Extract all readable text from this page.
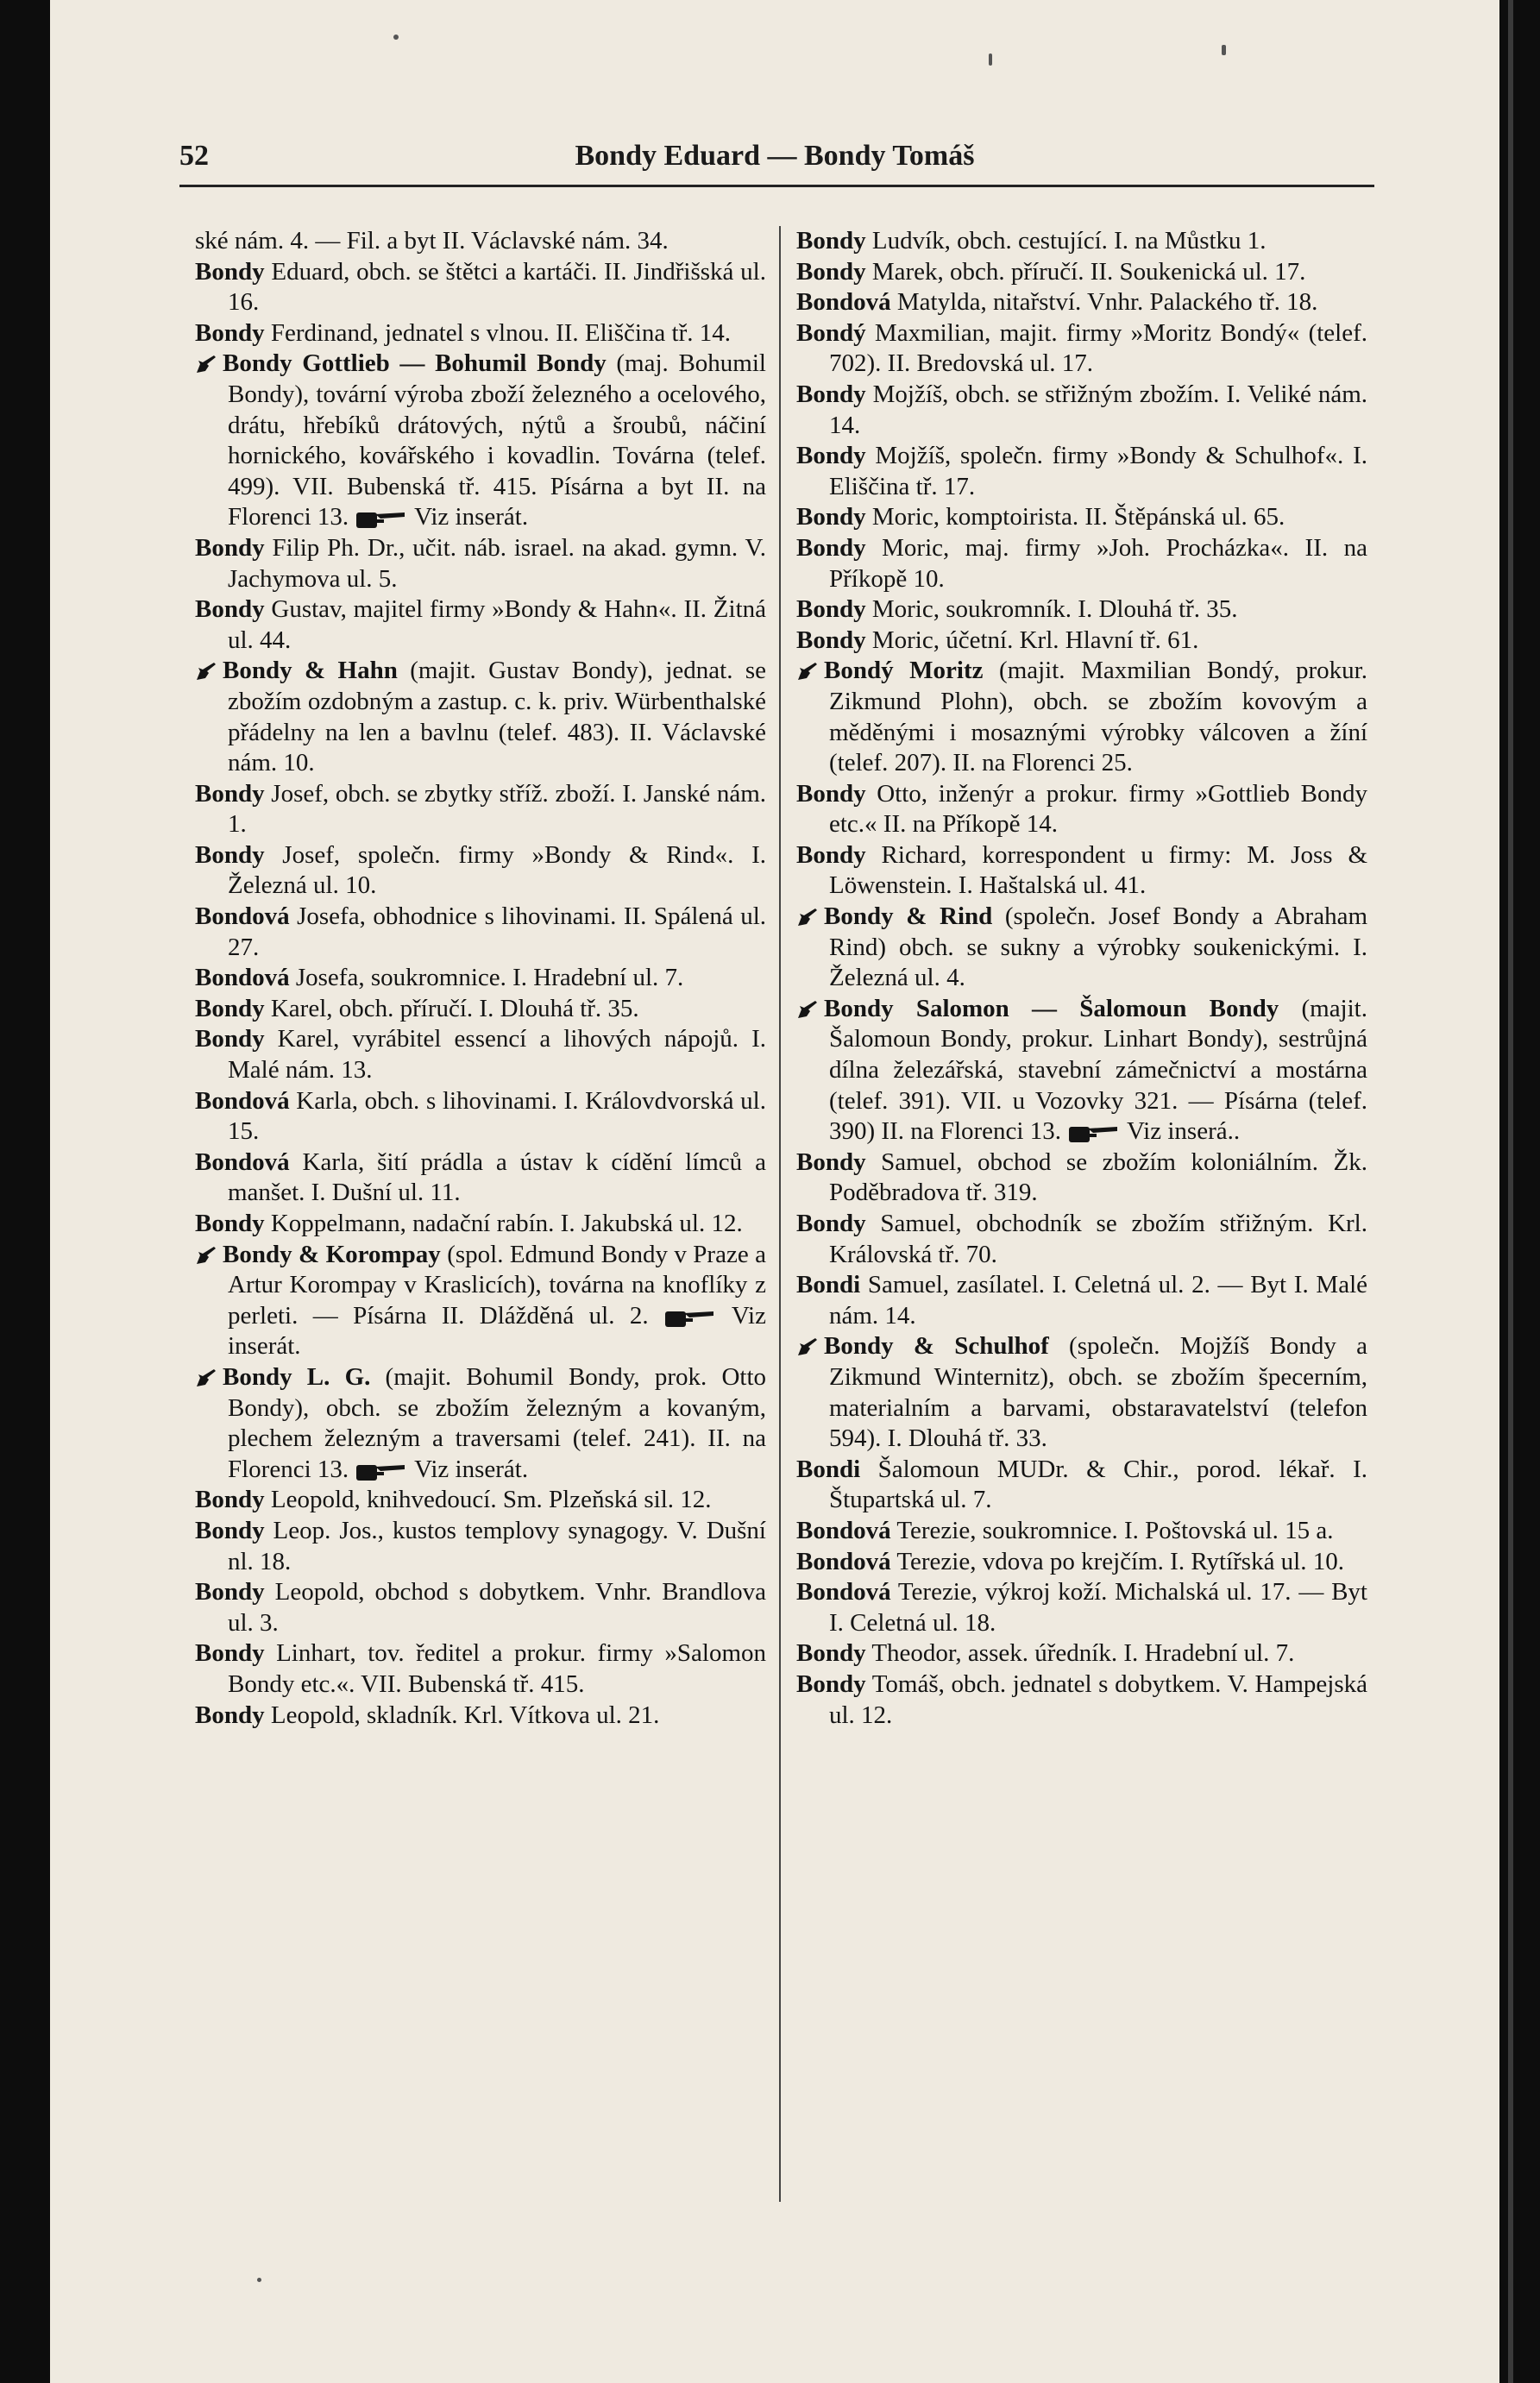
52	Bondy Eduard — Bondy Tomáš
ské nám. 4. — Fil. a byt II. Václavské nám. 34.
Bondy Eduard, obch. se štětci a kartáči. II. Jindřišská ul. 16.
Bondy Ferdinand, jednatel s vlnou. II. Eliščina tř. 14.
Bondy Gottlieb — Bohumil Bondy (maj. Bohumil Bondy), tovární výroba zboží železného a ocelového, drátu, hřebíků drátových, nýtů a šroubů, náčiní hornického, kovářského i kovadlin. Továrna (telef. 499). VII. Bubenská tř. 415. Písárna a byt II. na Florenci 13.	Viz inserát.
Bondy Filip Ph. Dr., učit. náb. israel. na akad. gymn. V. Jachymova ul. 5.
Bondy Gustav, majitel firmy »Bondy & Hahn«. II. Žitná ul. 44.
Bondy & Hahn (majit. Gustav Bondy), jednat. se zbožím ozdobným a zastup. c. k. priv. Würbenthalské přádelny na len a bavlnu (telef. 483). II. Václavské nám. 10.
Bondy Josef, obch. se zbytky stříž. zboží. I. Janské nám. 1.
Bondy Josef, společn. firmy »Bondy & Rind«. I. Železná ul. 10.
Bondová Josefa, obhodnice s lihovinami. II. Spálená ul. 27.
Bondová Josefa, soukromnice. I. Hradební ul. 7.
Bondy Karel, obch. příručí. I. Dlouhá tř. 35.
Bondy Karel, vyrábitel essencí a lihových nápojů. I. Malé nám. 13.
Bondová Karla, obch. s lihovinami. I. Královdvorská ul. 15.
Bondová Karla, šití prádla a ústav k cídění límců a manšet. I. Dušní ul. 11.
Bondy Koppelmann, nadační rabín. I. Jakubská ul. 12.
Bondy & Korompay (spol. Edmund Bondy v Praze a Artur Korompay v Kraslicích), továrna na knoflíky z perleti. — Písárna II. Dlážděná ul. 2.	Viz inserát.
Bondy L. G. (majit. Bohumil Bondy, prok. Otto Bondy), obch. se zbožím železným a kovaným, plechem železným a traversami (telef. 241). II. na Florenci 13.	Viz inserát.
Bondy Leopold, knihvedoucí. Sm. Plzeňská sil. 12.
Bondy Leop. Jos., kustos templovy synagogy. V. Dušní nl. 18.
Bondy Leopold, obchod s dobytkem. Vnhr. Brandlova ul. 3.
Bondy Linhart, tov. ředitel a prokur. firmy »Salomon Bondy etc.«. VII. Bubenská tř. 415.
Bondy Leopold, skladník. Krl. Vítkova ul. 21.
Bondy Ludvík, obch. cestující. I. na Můstku 1.
Bondy Marek, obch. příručí. II. Soukenická ul. 17.
Bondová Matylda, nitařství. Vnhr. Palackého tř. 18.
Bondý Maxmilian, majit. firmy »Moritz Bondý« (telef. 702). II. Bredovská ul. 17.
Bondy Mojžíš, obch. se střižným zbožím. I. Veliké nám. 14.
Bondy Mojžíš, společn. firmy »Bondy & Schulhof«. I. Eliščina tř. 17.
Bondy Moric, komptoirista. II. Štěpánská ul. 65.
Bondy Moric, maj. firmy »Joh. Procházka«. II. na Příkopě 10.
Bondy Moric, soukromník. I. Dlouhá tř. 35.
Bondy Moric, účetní. Krl. Hlavní tř. 61.
Bondý Moritz (majit. Maxmilian Bondý, prokur. Zikmund Plohn), obch. se zbožím kovovým a měděnými i mosaznými výrobky válcoven a žíní (telef. 207). II. na Florenci 25.
Bondy Otto, inženýr a prokur. firmy »Gottlieb Bondy etc.« II. na Příkopě 14.
Bondy Richard, korrespondent u firmy: M. Joss & Löwenstein. I. Haštalská ul. 41.
Bondy & Rind (společn. Josef Bondy a Abraham Rind) obch. se sukny a výrobky soukenickými. I. Železná ul. 4.
Bondy Salomon — Šalomoun Bondy (majit. Šalomoun Bondy, prokur. Linhart Bondy), sestrůjná dílna železářská, stavební zámečnictví a mostárna (telef. 391). VII. u Vozovky 321. — Písárna (telef. 390) II. na Florenci 13.	Viz inserá..
Bondy Samuel, obchod se zbožím koloniálním. Žk. Poděbradova tř. 319.
Bondy Samuel, obchodník se zbožím střižným. Krl. Královská tř. 70.
Bondi Samuel, zasílatel. I. Celetná ul. 2. — Byt I. Malé nám. 14.
Bondy & Schulhof (společn. Mojžíš Bondy a Zikmund Winternitz), obch. se zbožím špecerním, materialním a barvami, obstaravatelství (telefon 594). I. Dlouhá tř. 33.
Bondi Šalomoun MUDr. & Chir., porod. lékař. I. Štupartská ul. 7.
Bondová Terezie, soukromnice. I. Poštovská ul. 15 a.
Bondová Terezie, vdova po krejčím. I. Rytířská ul. 10.
Bondová Terezie, výkroj koží. Michalská ul. 17. — Byt I. Celetná ul. 18.
Bondy Theodor, assek. úředník. I. Hradební ul. 7.
Bondy Tomáš, obch. jednatel s dobytkem. V. Hampejská ul. 12.
